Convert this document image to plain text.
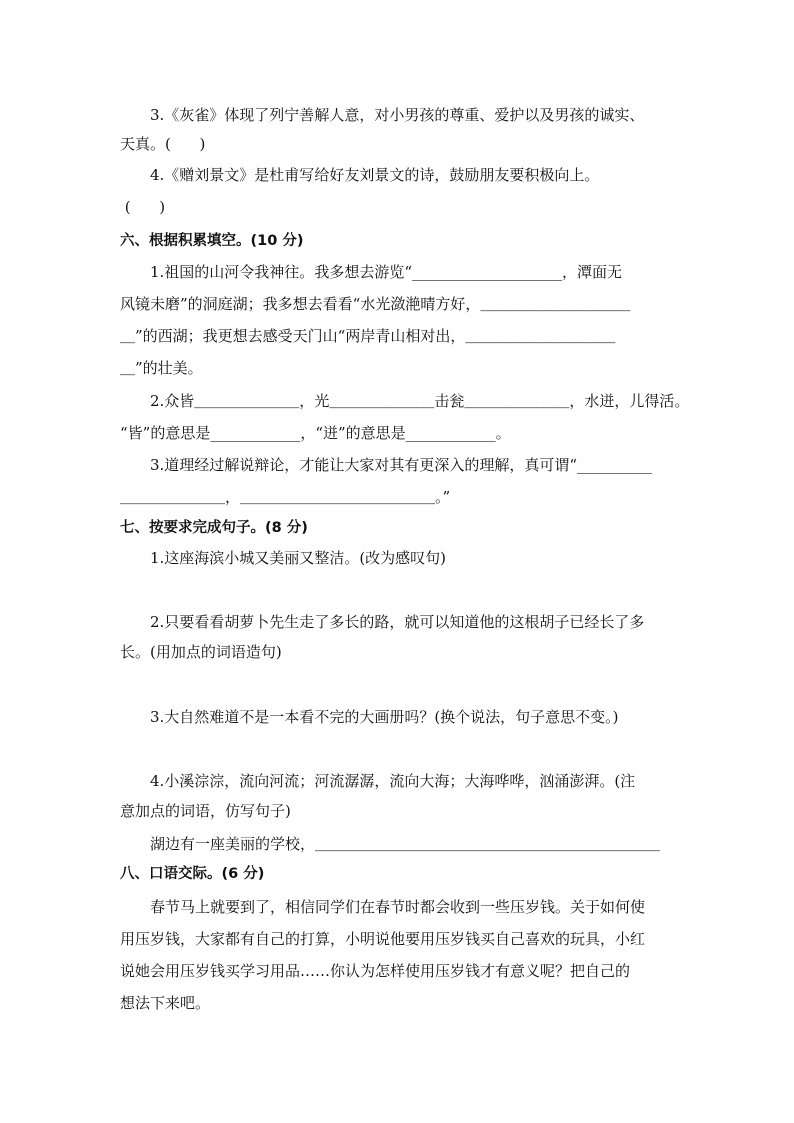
3.《灰雀》体现了列宁善解人意，对小男孩的尊重、爱护以及男孩的诚实、
天真。(      )
4.《赠刘景文》是杜甫写给好友刘景文的诗，鼓励朋友要积极向上。
(      )
六、根据积累填空。(10 分)
1.祖国的山河令我神往。我多想去游览“____________________，潭面无
风镜未磨”的洞庭湖；我多想去看看“水光潋滟晴方好，＿＿＿＿＿＿＿＿＿＿
＿”的西湖；我更想去感受天门山“两岸青山相对出，＿＿＿＿＿＿＿＿＿＿
＿”的壮美。
2.众皆＿＿＿＿＿＿＿，光＿＿＿＿＿＿＿击瓮＿＿＿＿＿＿＿，水迸，儿得活。
“皆”的意思是____________，“迸”的意思是____________。
3.道理经过解说辩论，才能让大家对其有更深入的理解，真可谓“__________
＿＿＿＿＿＿＿，＿＿＿＿＿＿＿＿＿＿＿＿＿。”
七、按要求完成句子。(8 分)
1.这座海滨小城又美丽又整洁。(改为感叹句)
2.只要看看胡萝卜先生走了多长的路，就可以知道他的这根胡子已经长了多
长。(用加点的词语造句)
3.大自然难道不是一本看不完的大画册吗？(换个说法，句子意思不变。)
4.小溪淙淙，流向河流；河流潺潺，流向大海；大海哗哗，汹涌澎湃。(注
意加点的词语，仿写句子)
湖边有一座美丽的学校，＿＿＿＿＿＿＿＿＿＿＿＿＿＿＿＿＿＿＿＿＿＿＿
八、口语交际。(6 分)
春节马上就要到了，相信同学们在春节时都会收到一些压岁钱。关于如何使
用压岁钱，大家都有自己的打算，小明说他要用压岁钱买自己喜欢的玩具，小红
说她会用压岁钱买学习用品……你认为怎样使用压岁钱才有意义呢？把自己的
想法下来吧。
